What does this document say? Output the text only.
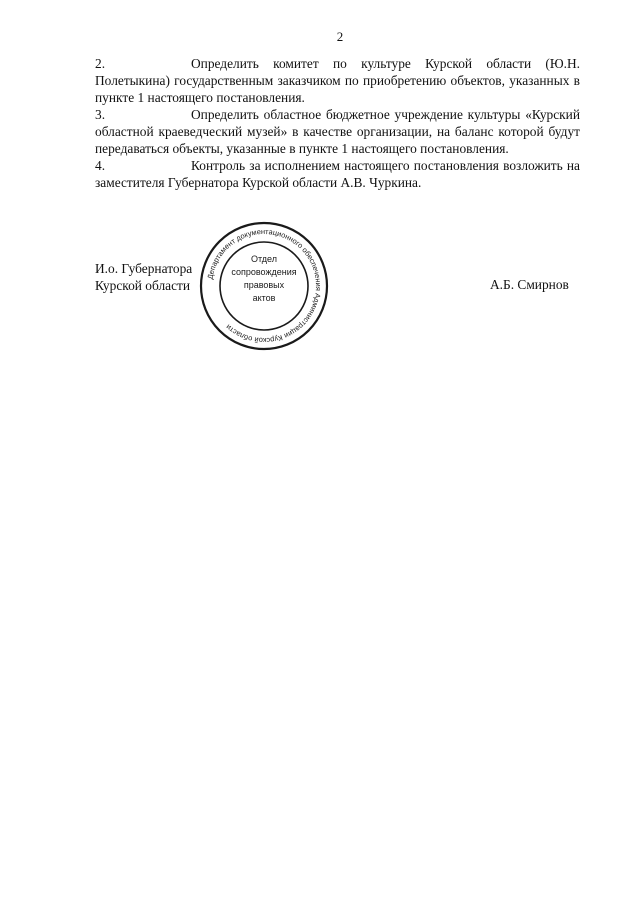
2

2.	Определить комитет по культуре Курской области (Ю.Н. Полетыкина) государственным заказчиком по приобретению объектов, указанных в пункте 1 настоящего постановления.

3.	Определить областное бюджетное учреждение культуры «Курский областной краеведческий музей» в качестве организации, на баланс которой будут передаваться объекты, указанные в пункте 1 настоящего постановления.

4.	Контроль за исполнением настоящего постановления возложить на заместителя Губернатора Курской области А.В. Чуркина.

И.о. Губернатора
Курской области	А.Б. Смирнов
Департамент документационного обеспечения Администрации Курской области
Отдел
сопровождения
правовых
актов
